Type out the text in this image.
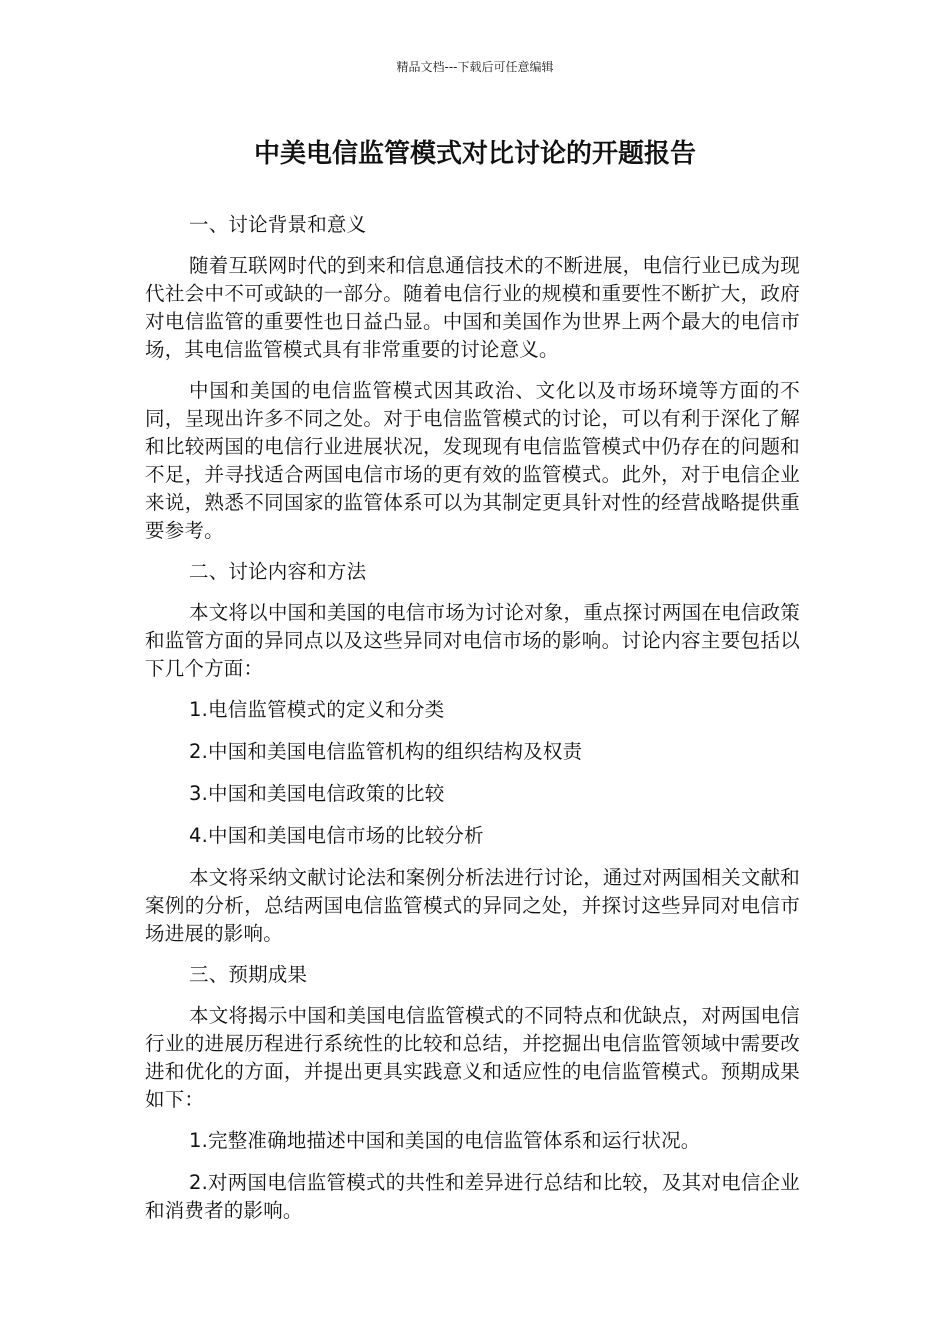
精品文档---下载后可任意编辑
中美电信监管模式对比讨论的开题报告

一、讨论背景和意义

随着互联网时代的到来和信息通信技术的不断进展，电信行业已成为现代社会中不可或缺的一部分。随着电信行业的规模和重要性不断扩大，政府对电信监管的重要性也日益凸显。中国和美国作为世界上两个最大的电信市场，其电信监管模式具有非常重要的讨论意义。

中国和美国的电信监管模式因其政治、文化以及市场环境等方面的不同，呈现出许多不同之处。对于电信监管模式的讨论，可以有利于深化了解和比较两国的电信行业进展状况，发现现有电信监管模式中仍存在的问题和不足，并寻找适合两国电信市场的更有效的监管模式。此外，对于电信企业来说，熟悉不同国家的监管体系可以为其制定更具针对性的经营战略提供重要参考。

二、讨论内容和方法

本文将以中国和美国的电信市场为讨论对象，重点探讨两国在电信政策和监管方面的异同点以及这些异同对电信市场的影响。讨论内容主要包括以下几个方面：

1.电信监管模式的定义和分类

2.中国和美国电信监管机构的组织结构及权责

3.中国和美国电信政策的比较

4.中国和美国电信市场的比较分析

本文将采纳文献讨论法和案例分析法进行讨论，通过对两国相关文献和案例的分析，总结两国电信监管模式的异同之处，并探讨这些异同对电信市场进展的影响。

三、预期成果

本文将揭示中国和美国电信监管模式的不同特点和优缺点，对两国电信行业的进展历程进行系统性的比较和总结，并挖掘出电信监管领域中需要改进和优化的方面，并提出更具实践意义和适应性的电信监管模式。预期成果如下：

1.完整准确地描述中国和美国的电信监管体系和运行状况。

2.对两国电信监管模式的共性和差异进行总结和比较，及其对电信企业和消费者的影响。
